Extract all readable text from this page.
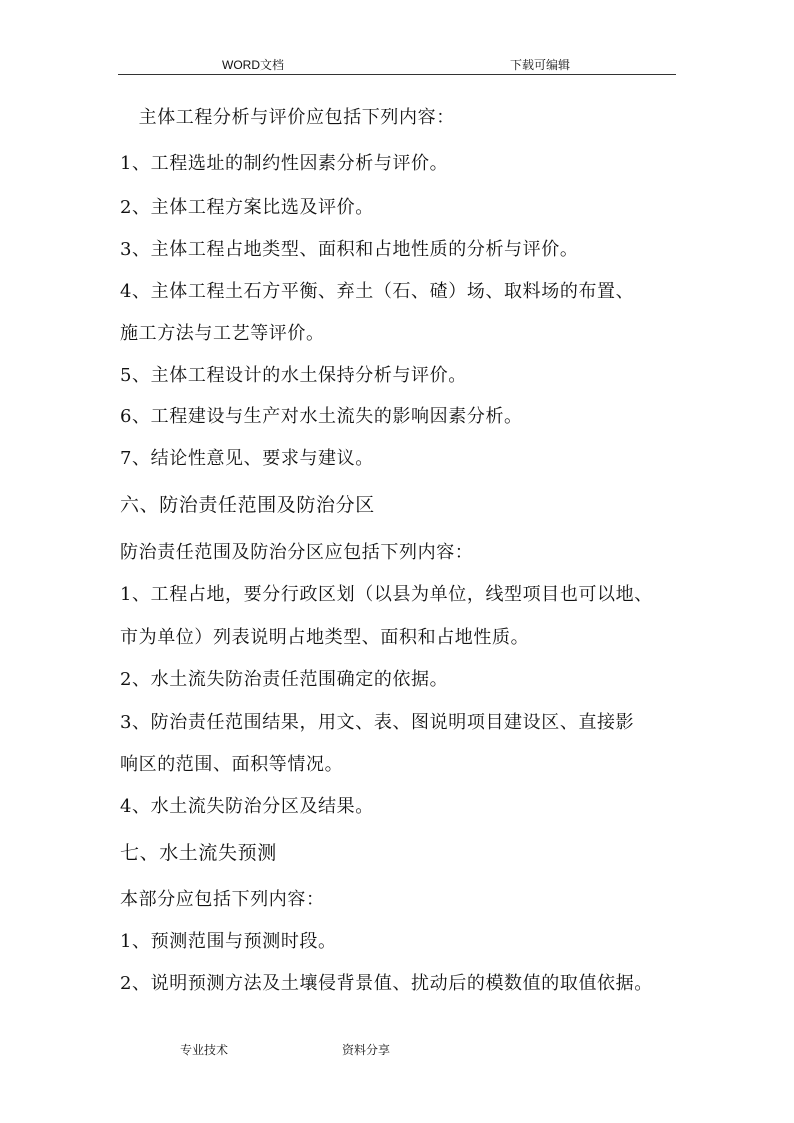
WORD文档	下载可编辑
　主体工程分析与评价应包括下列内容：
1、工程选址的制约性因素分析与评价。
2、主体工程方案比选及评价。
3、主体工程占地类型、面积和占地性质的分析与评价。
4、主体工程土石方平衡、弃土（石、碴）场、取料场的布置、
施工方法与工艺等评价。
5、主体工程设计的水土保持分析与评价。
6、工程建设与生产对水土流失的影响因素分析。
7、结论性意见、要求与建议。
六、防治责任范围及防治分区
防治责任范围及防治分区应包括下列内容：
1、工程占地，要分行政区划（以县为单位，线型项目也可以地、
市为单位）列表说明占地类型、面积和占地性质。
2、水土流失防治责任范围确定的依据。
3、防治责任范围结果，用文、表、图说明项目建设区、直接影
响区的范围、面积等情况。
4、水土流失防治分区及结果。
七、水土流失预测
本部分应包括下列内容：
1、预测范围与预测时段。
2、说明预测方法及土壤侵背景值、扰动后的模数值的取值依据。
专业技术	资料分享
